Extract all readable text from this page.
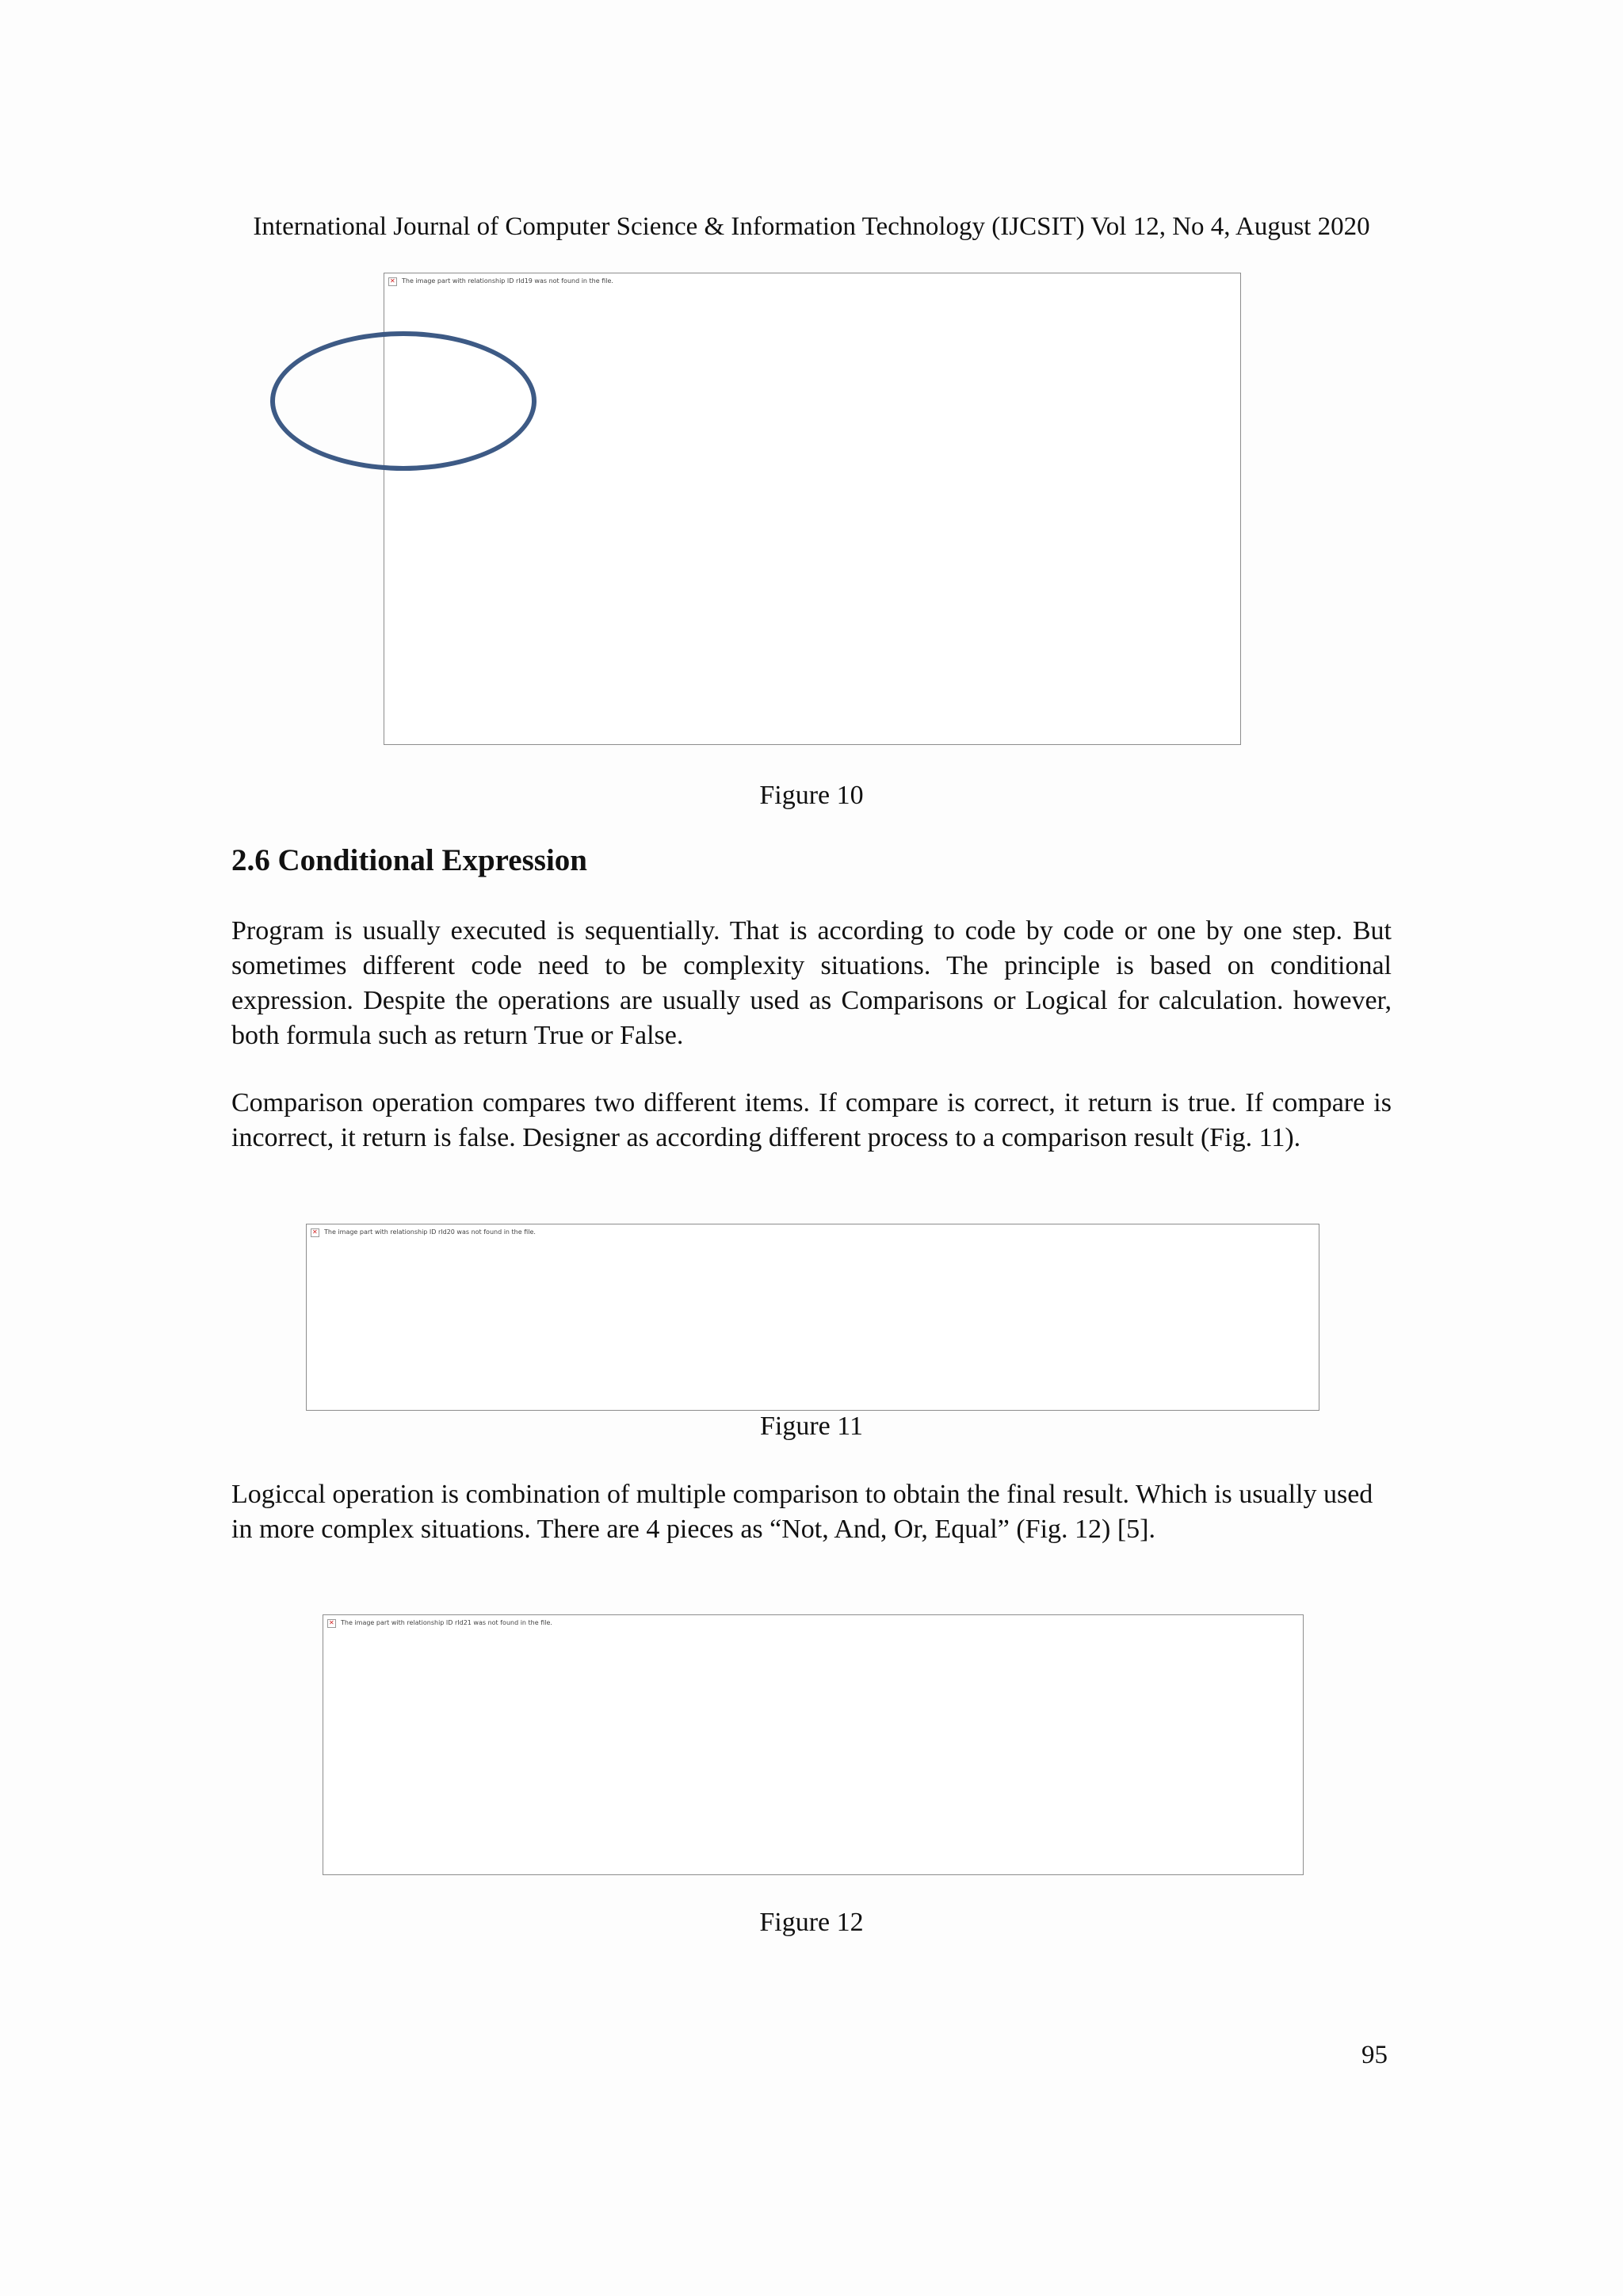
International Journal of Computer Science & Information Technology (IJCSIT) Vol 12, No 4, August 2020
✕
The image part with relationship ID rId19 was not found in the file.
Figure 10
2.6 Conditional Expression
Program is usually executed is sequentially. That is according to code by code or one by one step. But sometimes different code need to be complexity situations. The principle is based on conditional expression. Despite the operations are usually used as Comparisons or Logical for calculation. however, both formula such as return True or False.
Comparison operation compares two different items. If compare is correct, it return is true. If compare is incorrect, it return is false. Designer as according different process to a comparison result (Fig. 11).
✕
The image part with relationship ID rId20 was not found in the file.
Figure 11
Logiccal operation is combination of multiple comparison to obtain the final result. Which is usually used in more complex situations. There are 4 pieces as “Not, And, Or, Equal” (Fig. 12) [5].
✕
The image part with relationship ID rId21 was not found in the file.
Figure 12
95
